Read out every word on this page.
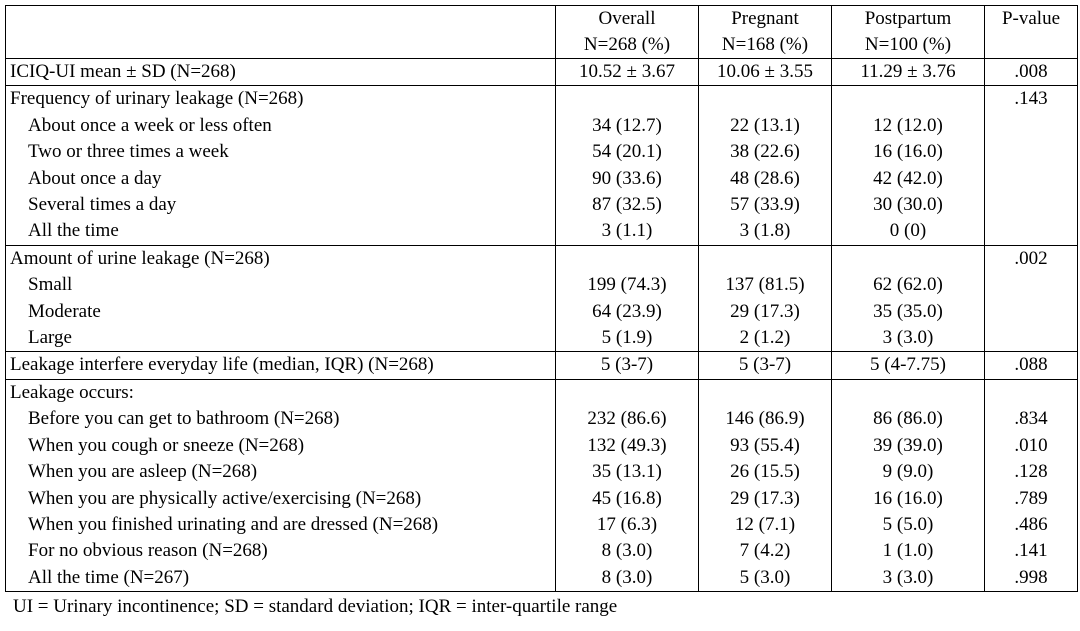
	Overall	Pregnant	Postpartum	P-value
	N=268 (%)	N=168 (%)	N=100 (%)	
ICIQ-UI mean ± SD (N=268)	10.52 ± 3.67	10.06 ± 3.55	11.29 ± 3.76	.008
Frequency of urinary leakage (N=268)				.143
About once a week or less often	34 (12.7)	22 (13.1)	12 (12.0)	
Two or three times a week	54 (20.1)	38 (22.6)	16 (16.0)	
About once a day	90 (33.6)	48 (28.6)	42 (42.0)	
Several times a day	87 (32.5)	57 (33.9)	30 (30.0)	
All the time	3 (1.1)	3 (1.8)	0 (0)	
Amount of urine leakage (N=268)				.002
Small	199 (74.3)	137 (81.5)	62 (62.0)	
Moderate	64 (23.9)	29 (17.3)	35 (35.0)	
Large	5 (1.9)	2 (1.2)	3 (3.0)	
Leakage interfere everyday life (median, IQR) (N=268)	5 (3-7)	5 (3-7)	5 (4-7.75)	.088
Leakage occurs:				
Before you can get to bathroom (N=268)	232 (86.6)	146 (86.9)	86 (86.0)	.834
When you cough or sneeze (N=268)	132 (49.3)	93 (55.4)	39 (39.0)	.010
When you are asleep (N=268)	35 (13.1)	26 (15.5)	9 (9.0)	.128
When you are physically active/exercising (N=268)	45 (16.8)	29 (17.3)	16 (16.0)	.789
When you finished urinating and are dressed (N=268)	17 (6.3)	12 (7.1)	5 (5.0)	.486
For no obvious reason (N=268)	8 (3.0)	7 (4.2)	1 (1.0)	.141
All the time (N=267)	8 (3.0)	5 (3.0)	3 (3.0)	.998
UI = Urinary incontinence; SD = standard deviation; IQR = inter-quartile range
